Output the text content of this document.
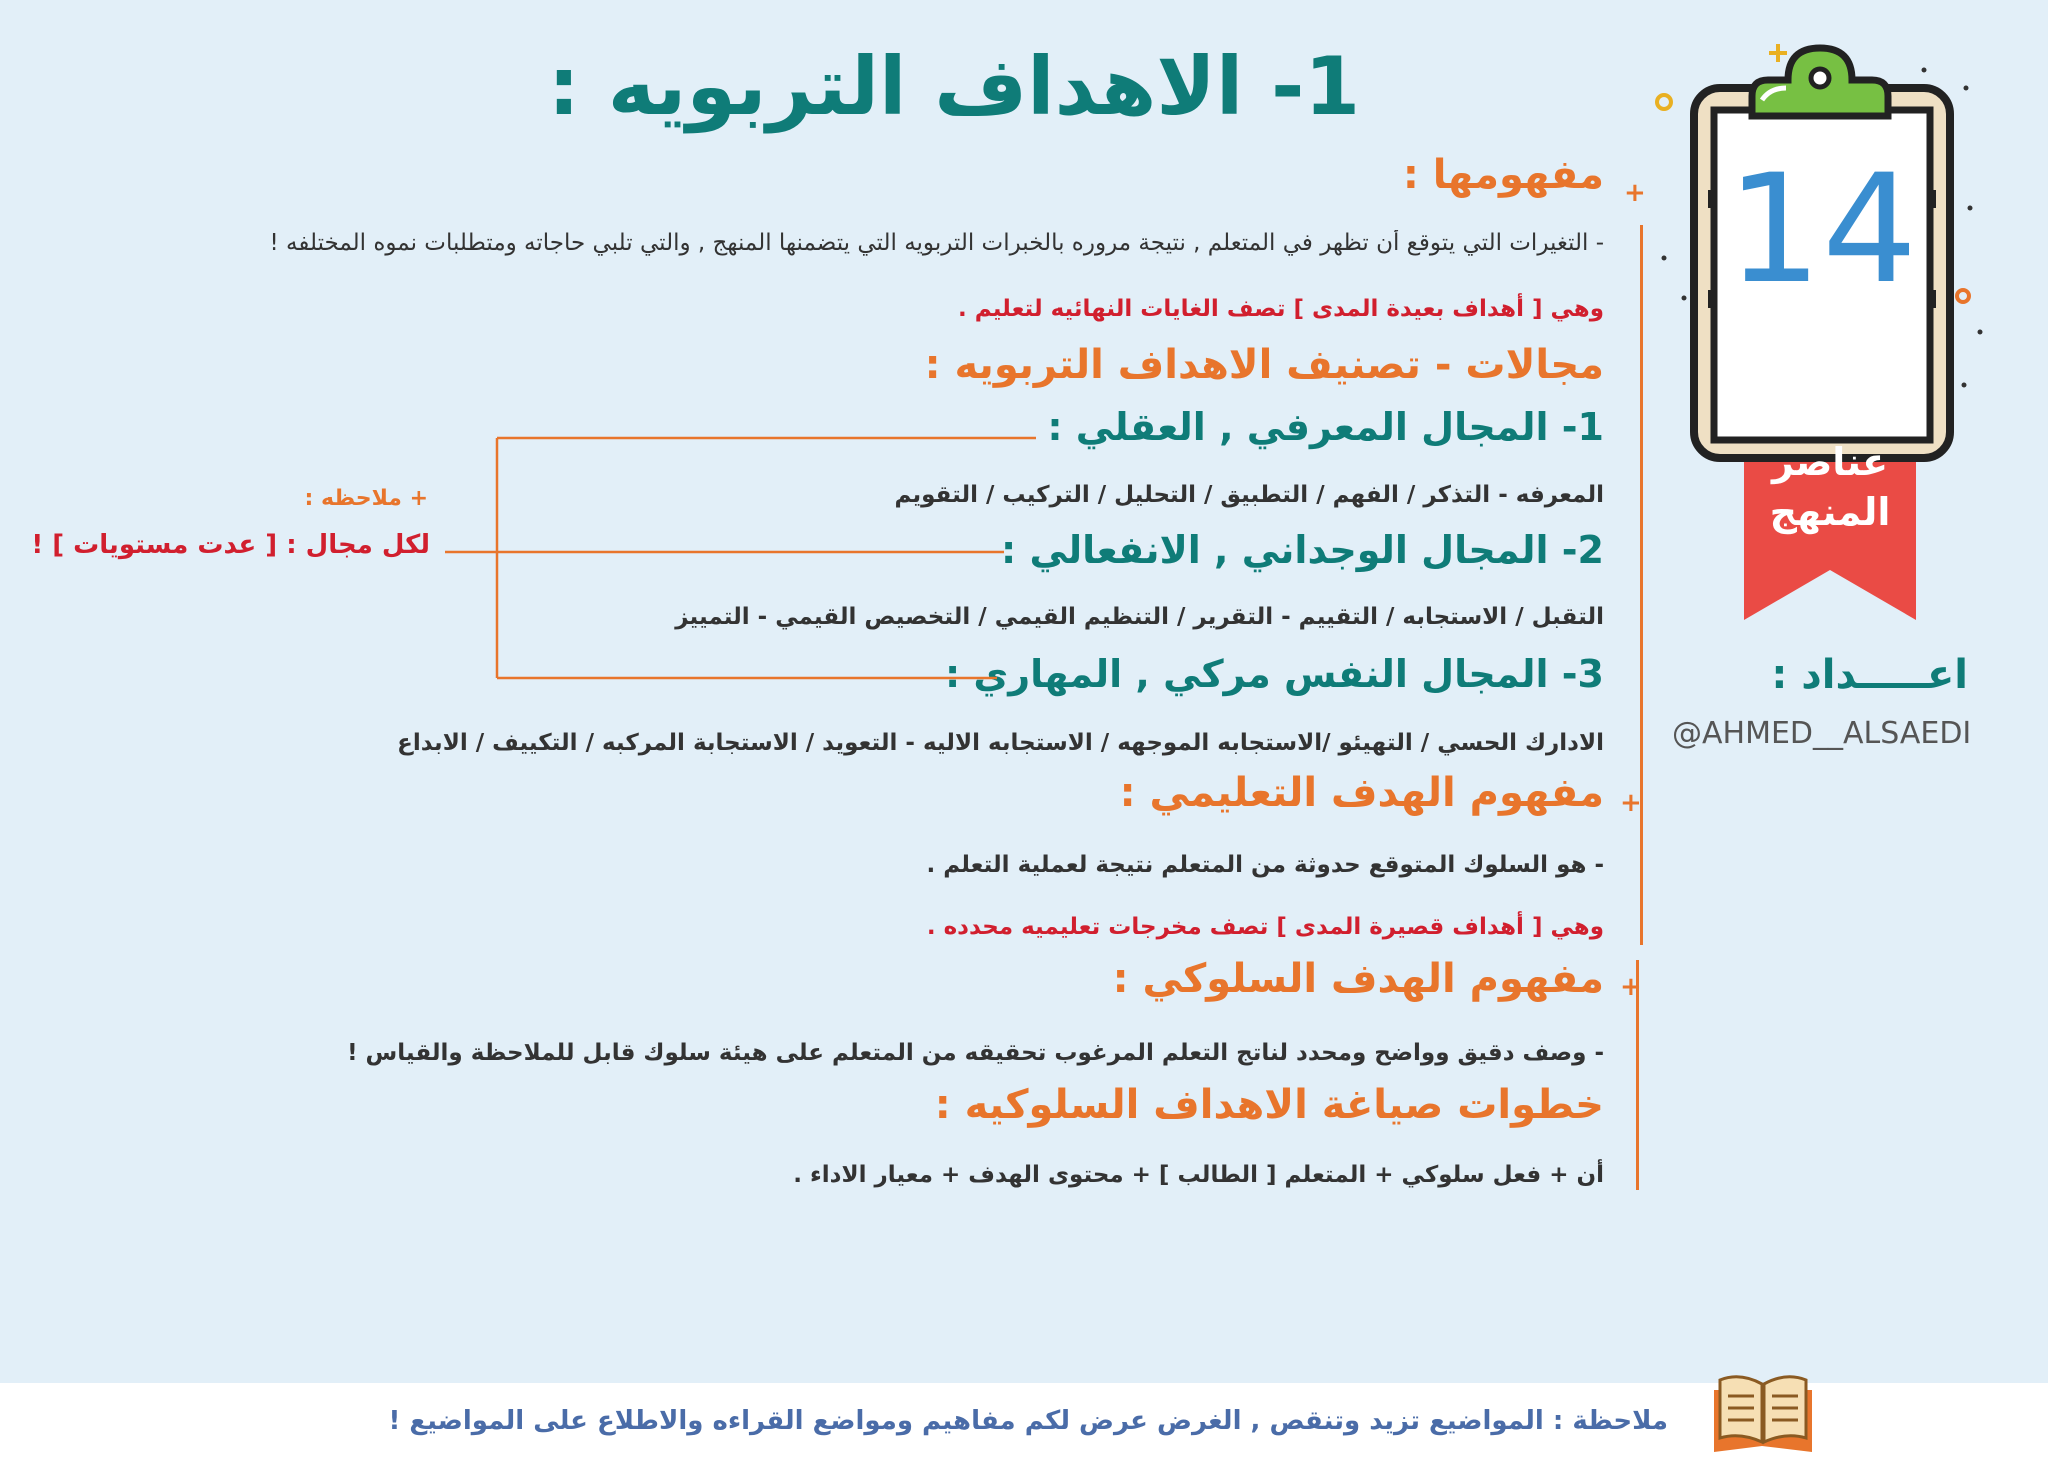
1- الاهداف التربويه :
+
مفهومها :
- التغيرات التي يتوقع أن تظهر في المتعلم , نتيجة مروره بالخبرات التربويه التي يتضمنها المنهج , والتي تلبي حاجاته ومتطلبات نموه المختلفه !
وهي [ أهداف بعيدة المدى ] تصف الغايات النهائيه لتعليم .
مجالات - تصنيف الاهداف التربويه :
1- المجال المعرفي , العقلي :
المعرفه - التذكر / الفهم / التطبيق / التحليل / التركيب / التقويم
2- المجال الوجداني , الانفعالي :
التقبل / الاستجابه / التقييم - التقرير / التنظيم القيمي / التخصيص القيمي - التمييز
3- المجال النفس مركي , المهاري :
الادارك الحسي / التهيئو /الاستجابه الموجهه / الاستجابه الاليه - التعويد / الاستجابة المركبه / التكييف / الابداع
+ ملاحظه :
لكل مجال : [ عدت مستويات ] !
+
مفهوم الهدف التعليمي :
- هو السلوك المتوقع حدوثة من المتعلم نتيجة لعملية التعلم .
وهي [ أهداف قصيرة المدى ] تصف مخرجات تعليميه محدده .
+
مفهوم الهدف السلوكي :
- وصف دقيق وواضح ومحدد لناتج التعلم المرغوب تحقيقه من المتعلم على هيئة سلوك قابل للملاحظة والقياس !
خطوات صياغة الاهداف السلوكيه :
أن + فعل سلوكي + المتعلم [ الطالب ] + محتوى الهدف + معيار الاداء .
14
عناصر
المنهج
اعـــــداد :
@AHMED__ALSAEDI
ملاحظة : المواضيع تزيد وتنقص , الغرض عرض لكم مفاهيم ومواضع القراءه والاطلاع على المواضيع !
